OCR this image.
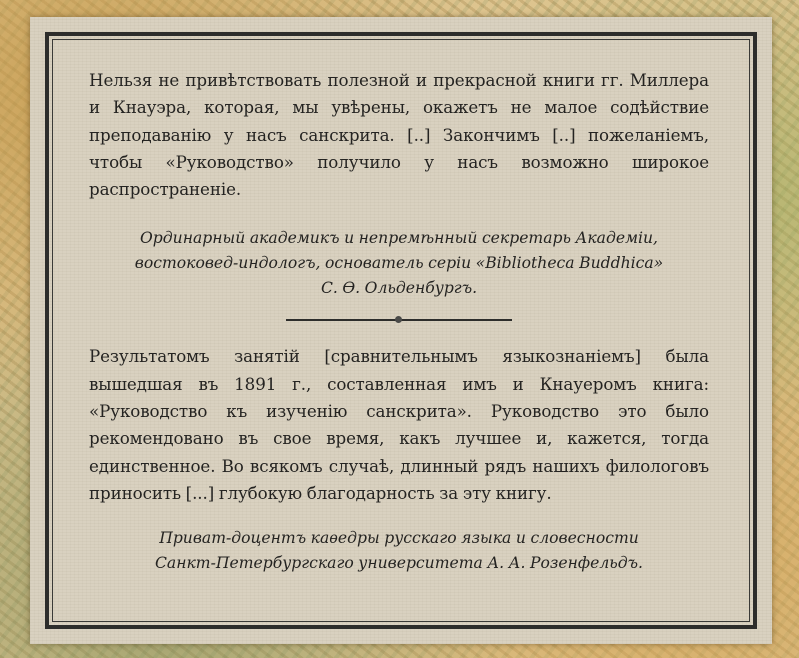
Нельзя не привѣтствовать полезной и прекрасной книги гг. Миллера и Кнауэра, которая, мы увѣрены, окажетъ не малое содѣйствие преподаванію у насъ санскрита. [..] Закончимъ [..] пожеланіемъ, чтобы «Руководство» получило у насъ возможно широкое распространеніе.

Ординарный академикъ и непремѣнный секретарь Академіи,
востоковед-индологъ, основатель серіи «Bibliotheca Buddhica»
С. Ѳ. Ольденбургъ.

Результатомъ занятій [сравнительнымъ языкознаніемъ] была вышедшая въ 1891 г., составленная имъ и Кнауеромъ книга: «Руководство къ изученію санскрита». Руководство это было рекомендовано въ свое время, какъ лучшее и, кажется, тогда единственное. Во всякомъ случаѣ, длинный рядъ нашихъ филологовъ приносить [...] глубокую благодарность за эту книгу.

Приват-доцентъ каѳедры русскаго языка и словесности
Санкт-Петербургскаго университета А. А. Розенфельдъ.
